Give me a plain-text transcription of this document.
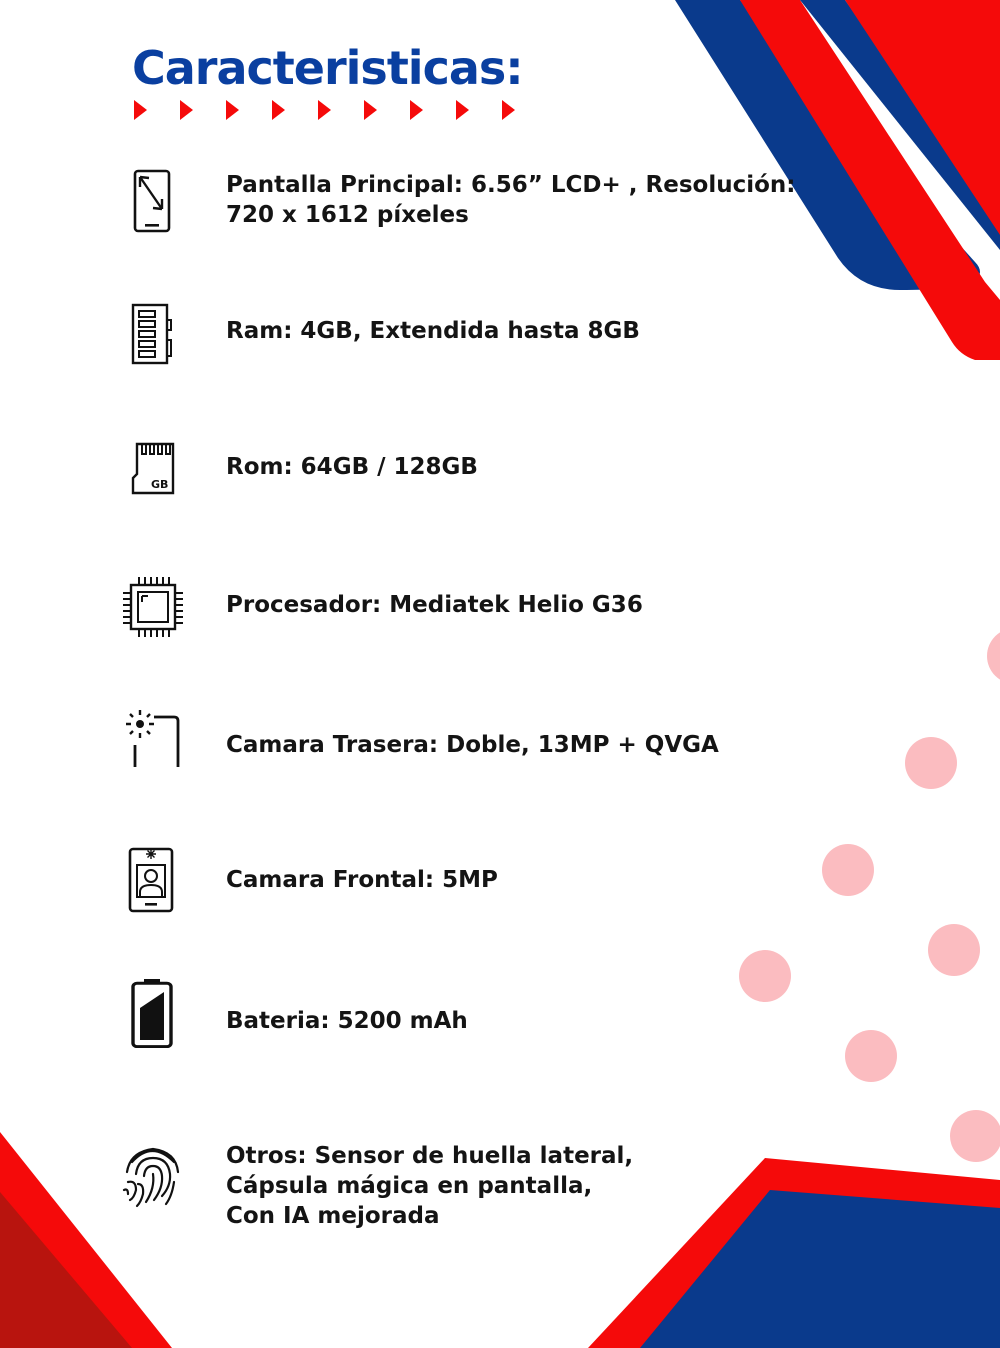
Caracteristicas:
Pantalla Principal: 6.56” LCD+ , Resolución:
720 x 1612 píxeles
Ram: 4GB, Extendida hasta 8GB
GB
Rom: 64GB / 128GB
Procesador: Mediatek Helio G36
Camara Trasera: Doble, 13MP + QVGA
Camara Frontal: 5MP
Bateria: 5200 mAh
Otros: Sensor de huella lateral,
Cápsula mágica en pantalla,
Con IA mejorada
